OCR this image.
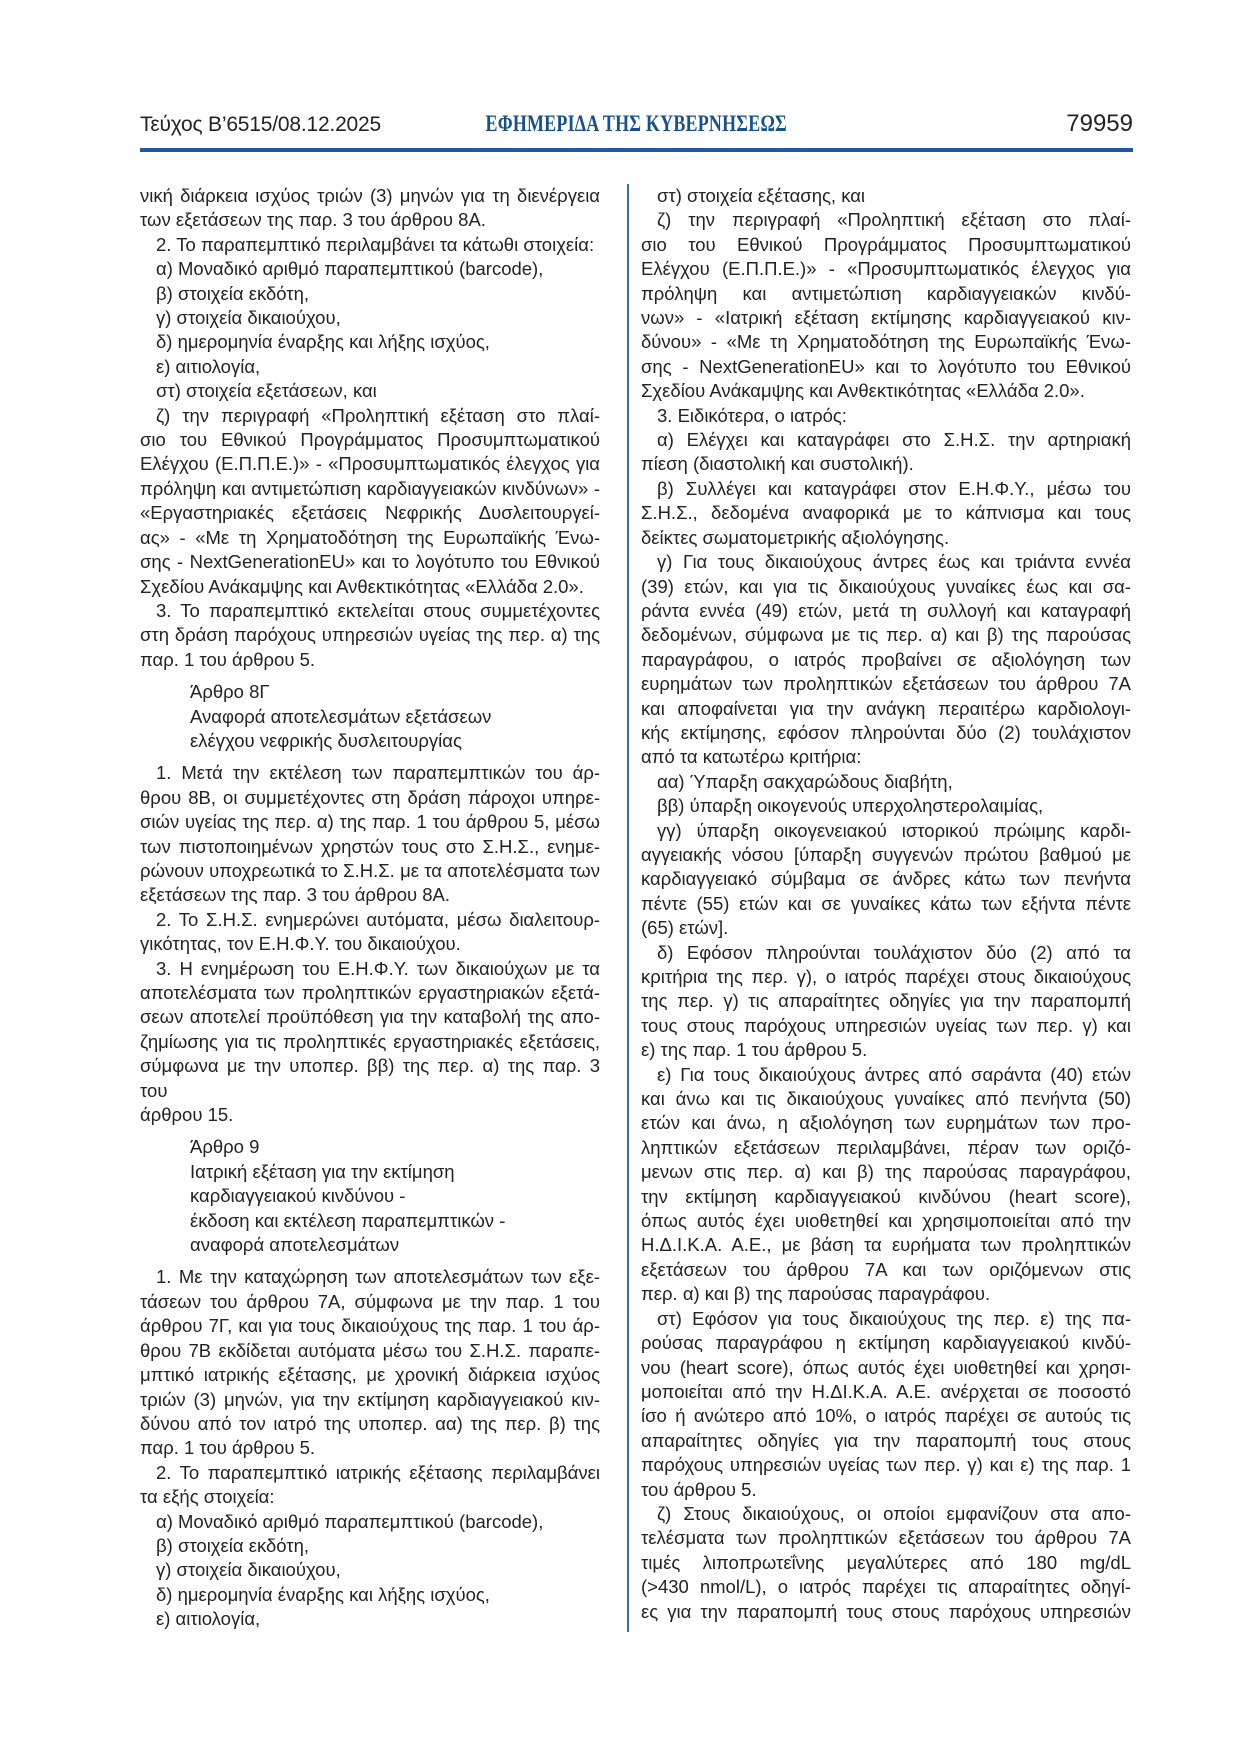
Τεύχος Β’6515/08.12.2025	ΕΦΗΜΕΡΙΔΑ ΤΗΣ ΚΥΒΕΡΝΗΣΕΩΣ	79959
νική διάρκεια ισχύος τριών (3) μηνών για τη διενέργεια
των εξετάσεων της παρ. 3 του άρθρου 8Α.
2. Το παραπεμπτικό περιλαμβάνει τα κάτωθι στοιχεία:
α) Μοναδικό αριθμό παραπεμπτικού (barcode),
β) στοιχεία εκδότη,
γ) στοιχεία δικαιούχου,
δ) ημερομηνία έναρξης και λήξης ισχύος,
ε) αιτιολογία,
στ) στοιχεία εξετάσεων, και
ζ) την περιγραφή «Προληπτική εξέταση στο πλαί-
σιο του Εθνικού Προγράμματος Προσυμπτωματικού
Ελέγχου (Ε.Π.Π.Ε.)» - «Προσυμπτωματικός έλεγχος για
πρόληψη και αντιμετώπιση καρδιαγγειακών κινδύνων» -
«Εργαστηριακές εξετάσεις Νεφρικής Δυσλειτουργεί-
ας» - «Με τη Χρηματοδότηση της Ευρωπαϊκής Ένω-
σης - NextGenerationEU» και το λογότυπο του Εθνικού
Σχεδίου Ανάκαμψης και Ανθεκτικότητας «Ελλάδα 2.0».
3. Το παραπεμπτικό εκτελείται στους συμμετέχοντες
στη δράση παρόχους υπηρεσιών υγείας της περ. α) της
παρ. 1 του άρθρου 5.
Άρθρο 8Γ
Αναφορά αποτελεσμάτων εξετάσεων
ελέγχου νεφρικής δυσλειτουργίας
1. Μετά την εκτέλεση των παραπεμπτικών του άρ-
θρου 8Β, οι συμμετέχοντες στη δράση πάροχοι υπηρε-
σιών υγείας της περ. α) της παρ. 1 του άρθρου 5, μέσω
των πιστοποιημένων χρηστών τους στο Σ.Η.Σ., ενημε-
ρώνουν υποχρεωτικά το Σ.Η.Σ. με τα αποτελέσματα των
εξετάσεων της παρ. 3 του άρθρου 8Α.
2. Το Σ.Η.Σ. ενημερώνει αυτόματα, μέσω διαλειτουρ-
γικότητας, τον Ε.Η.Φ.Υ. του δικαιούχου.
3. Η ενημέρωση του Ε.Η.Φ.Υ. των δικαιούχων με τα
αποτελέσματα των προληπτικών εργαστηριακών εξετά-
σεων αποτελεί προϋπόθεση για την καταβολή της απο-
ζημίωσης για τις προληπτικές εργαστηριακές εξετάσεις,
σύμφωνα με την υποπερ. ββ) της περ. α) της παρ. 3 του
άρθρου 15.
Άρθρο 9
Ιατρική εξέταση για την εκτίμηση
καρδιαγγειακού κινδύνου -
έκδοση και εκτέλεση παραπεμπτικών -
αναφορά αποτελεσμάτων
1. Με την καταχώρηση των αποτελεσμάτων των εξε-
τάσεων του άρθρου 7Α, σύμφωνα με την παρ. 1 του
άρθρου 7Γ, και για τους δικαιούχους της παρ. 1 του άρ-
θρου 7Β εκδίδεται αυτόματα μέσω του Σ.Η.Σ. παραπε-
μπτικό ιατρικής εξέτασης, με χρονική διάρκεια ισχύος
τριών (3) μηνών, για την εκτίμηση καρδιαγγειακού κιν-
δύνου από τον ιατρό της υποπερ. αα) της περ. β) της
παρ. 1 του άρθρου 5.
2. Το παραπεμπτικό ιατρικής εξέτασης περιλαμβάνει
τα εξής στοιχεία:
α) Μοναδικό αριθμό παραπεμπτικού (barcode),
β) στοιχεία εκδότη,
γ) στοιχεία δικαιούχου,
δ) ημερομηνία έναρξης και λήξης ισχύος,
ε) αιτιολογία,
στ) στοιχεία εξέτασης, και
ζ) την περιγραφή «Προληπτική εξέταση στο πλαί-
σιο του Εθνικού Προγράμματος Προσυμπτωματικού
Ελέγχου (Ε.Π.Π.Ε.)» - «Προσυμπτωματικός έλεγχος για
πρόληψη και αντιμετώπιση καρδιαγγειακών κινδύ-
νων» - «Ιατρική εξέταση εκτίμησης καρδιαγγειακού κιν-
δύνου» - «Με τη Χρηματοδότηση της Ευρωπαϊκής Ένω-
σης - NextGenerationEU» και το λογότυπο του Εθνικού
Σχεδίου Ανάκαμψης και Ανθεκτικότητας «Ελλάδα 2.0».
3. Ειδικότερα, ο ιατρός:
α) Ελέγχει και καταγράφει στο Σ.Η.Σ. την αρτηριακή
πίεση (διαστολική και συστολική).
β) Συλλέγει και καταγράφει στον Ε.Η.Φ.Υ., μέσω του
Σ.Η.Σ., δεδομένα αναφορικά με το κάπνισμα και τους
δείκτες σωματομετρικής αξιολόγησης.
γ) Για τους δικαιούχους άντρες έως και τριάντα εννέα
(39) ετών, και για τις δικαιούχους γυναίκες έως και σα-
ράντα εννέα (49) ετών, μετά τη συλλογή και καταγραφή
δεδομένων, σύμφωνα με τις περ. α) και β) της παρούσας
παραγράφου, ο ιατρός προβαίνει σε αξιολόγηση των
ευρημάτων των προληπτικών εξετάσεων του άρθρου 7Α
και αποφαίνεται για την ανάγκη περαιτέρω καρδιολογι-
κής εκτίμησης, εφόσον πληρούνται δύο (2) τουλάχιστον
από τα κατωτέρω κριτήρια:
αα) Ύπαρξη σακχαρώδους διαβήτη,
ββ) ύπαρξη οικογενούς υπερχοληστερολαιμίας,
γγ) ύπαρξη οικογενειακού ιστορικού πρώιμης καρδι-
αγγειακής νόσου [ύπαρξη συγγενών πρώτου βαθμού με
καρδιαγγειακό σύμβαμα σε άνδρες κάτω των πενήντα
πέντε (55) ετών και σε γυναίκες κάτω των εξήντα πέντε
(65) ετών].
δ) Εφόσον πληρούνται τουλάχιστον δύο (2) από τα
κριτήρια της περ. γ), ο ιατρός παρέχει στους δικαιούχους
της περ. γ) τις απαραίτητες οδηγίες για την παραπομπή
τους στους παρόχους υπηρεσιών υγείας των περ. γ) και
ε) της παρ. 1 του άρθρου 5.
ε) Για τους δικαιούχους άντρες από σαράντα (40) ετών
και άνω και τις δικαιούχους γυναίκες από πενήντα (50)
ετών και άνω, η αξιολόγηση των ευρημάτων των προ-
ληπτικών εξετάσεων περιλαμβάνει, πέραν των οριζό-
μενων στις περ. α) και β) της παρούσας παραγράφου,
την εκτίμηση καρδιαγγειακού κινδύνου (heart score),
όπως αυτός έχει υιοθετηθεί και χρησιμοποιείται από την
Η.Δ.Ι.Κ.Α. Α.Ε., με βάση τα ευρήματα των προληπτικών
εξετάσεων του άρθρου 7Α και των οριζόμενων στις
περ. α) και β) της παρούσας παραγράφου.
στ) Εφόσον για τους δικαιούχους της περ. ε) της πα-
ρούσας παραγράφου η εκτίμηση καρδιαγγειακού κινδύ-
νου (heart score), όπως αυτός έχει υιοθετηθεί και χρησι-
μοποιείται από την Η.ΔΙ.Κ.Α. Α.Ε. ανέρχεται σε ποσοστό
ίσο ή ανώτερο από 10%, ο ιατρός παρέχει σε αυτούς τις
απαραίτητες οδηγίες για την παραπομπή τους στους
παρόχους υπηρεσιών υγείας των περ. γ) και ε) της παρ. 1
του άρθρου 5.
ζ) Στους δικαιούχους, οι οποίοι εμφανίζουν στα απο-
τελέσματα των προληπτικών εξετάσεων του άρθρου 7Α
τιμές λιποπρωτεΐνης μεγαλύτερες από 180 mg/dL
(>430 nmol/L), ο ιατρός παρέχει τις απαραίτητες οδηγί-
ες για την παραπομπή τους στους παρόχους υπηρεσιών
